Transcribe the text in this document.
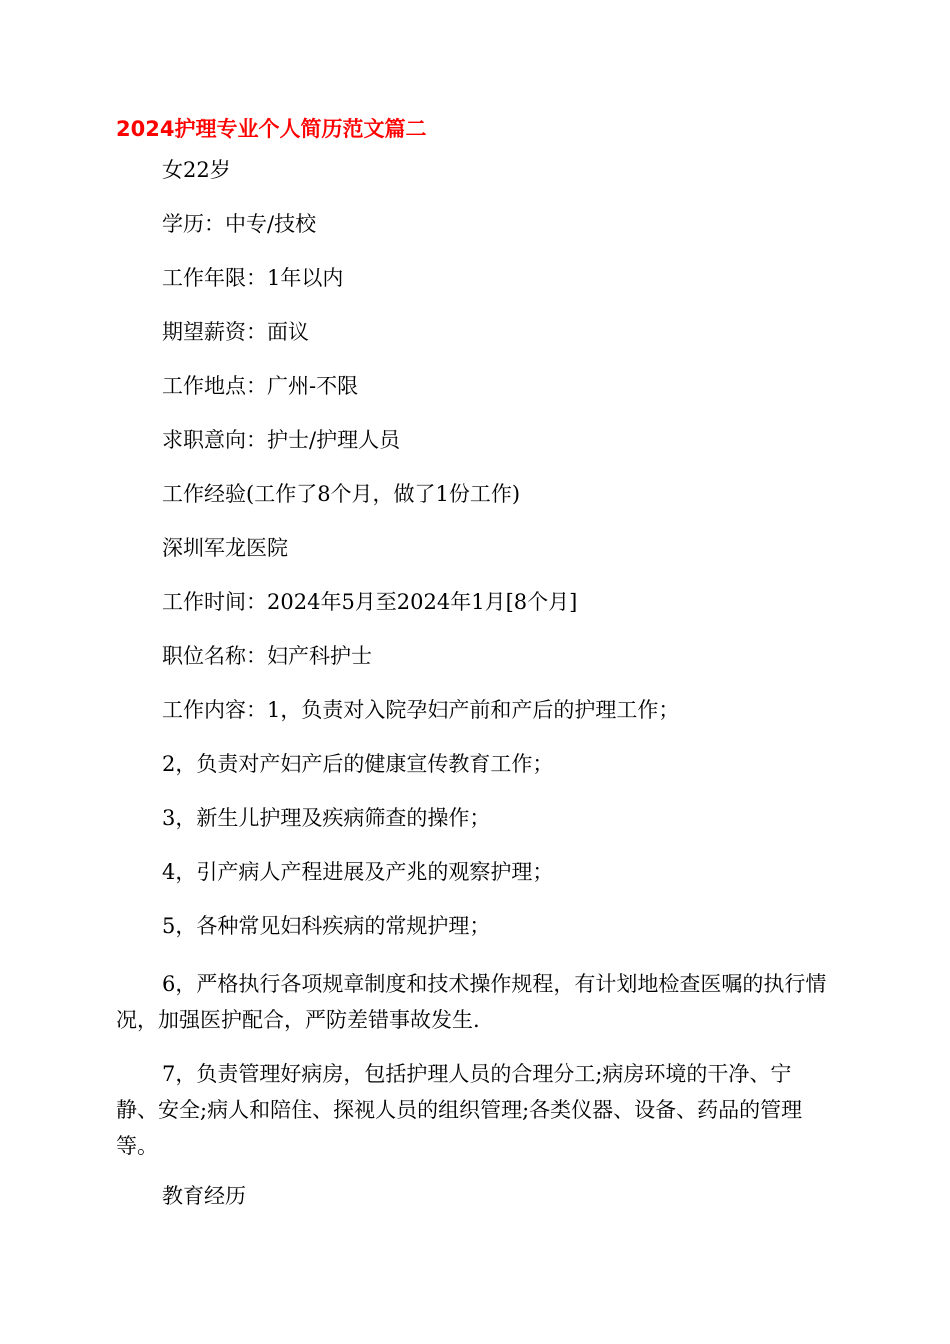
2024护理专业个人简历范文篇二

女22岁

学历：中专/技校

工作年限：1年以内

期望薪资：面议

工作地点：广州-不限

求职意向：护士/护理人员

工作经验(工作了8个月，做了1份工作)

深圳军龙医院

工作时间：2024年5月至2024年1月[8个月]

职位名称：妇产科护士

工作内容：1，负责对入院孕妇产前和产后的护理工作；

2，负责对产妇产后的健康宣传教育工作；

3，新生儿护理及疾病筛查的操作；

4，引产病人产程进展及产兆的观察护理；

5，各种常见妇科疾病的常规护理；

6，严格执行各项规章制度和技术操作规程，有计划地检查医嘱的执行情况，加强医护配合，严防差错事故发生.

7，负责管理好病房，包括护理人员的合理分工;病房环境的干净、宁静、安全;病人和陪住、探视人员的组织管理;各类仪器、设备、药品的管理等。

教育经历
